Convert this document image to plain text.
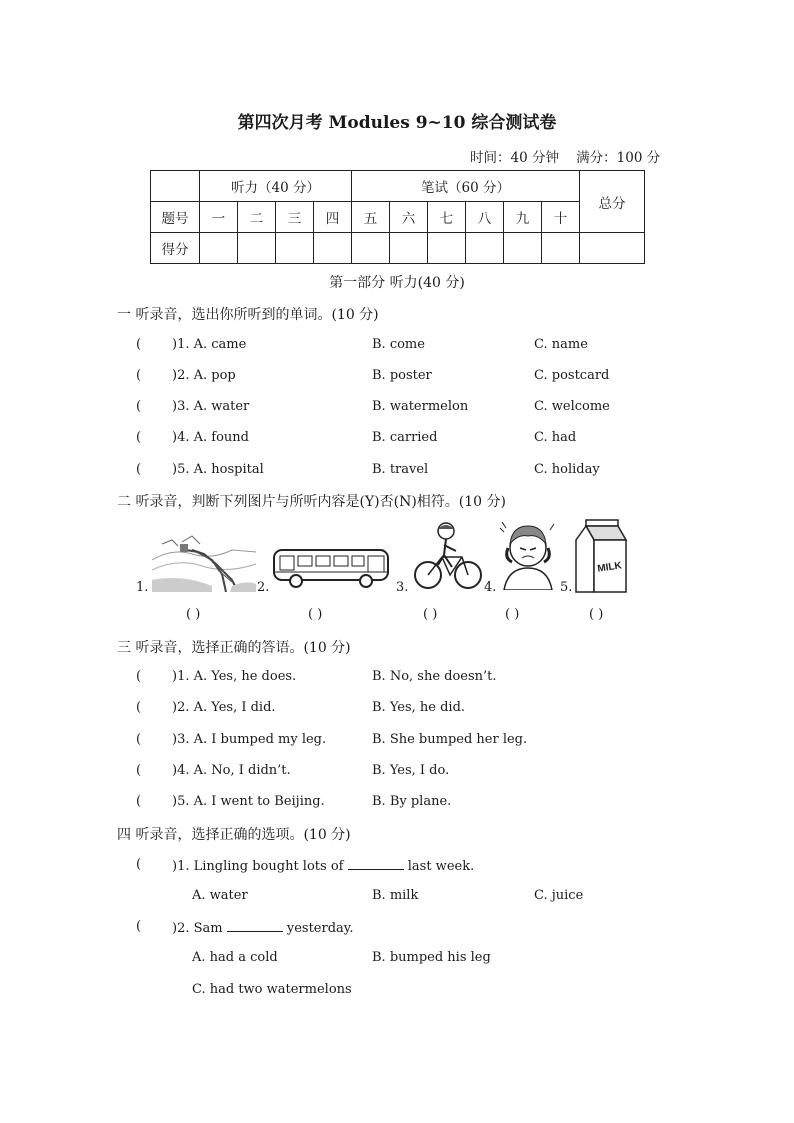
第四次月考 Modules 9~10 综合测试卷
时间：40 分钟 满分：100 分
	听力（40 分）				笔试（60 分）						总分
题号	一	二	三	四	五	六	七	八	九	十	
得分											
第一部分 听力(40 分)
一 听录音，选出你所听到的单词。(10 分)
( )1. A. came	B. come	C. name
( )2. A. pop	B. poster	C. postcard
( )3. A. water	B. watermelon	C. welcome
( )4. A. found	B. carried	C. had
( )5. A. hospital	B. travel	C. holiday
二 听录音，判断下列图片与所听内容是(Y)否(N)相符。(10 分)
1.	2.	3.	4.	5.
MILK
( )	( )	( )	( )	( )
三 听录音，选择正确的答语。(10 分)
( )1. A. Yes, he does.	B. No, she doesn’t.
( )2. A. Yes, I did.	B. Yes, he did.
( )3. A. I bumped my leg.	B. She bumped her leg.
( )4. A. No, I didn’t.	B. Yes, I do.
( )5. A. I went to Beijing.	B. By plane.
四 听录音，选择正确的选项。(10 分)
( )1. Lingling bought lots of	last week.
A. water	B. milk	C. juice
( )2. Sam	yesterday.
A. had a cold	B. bumped his leg
C. had two watermelons
